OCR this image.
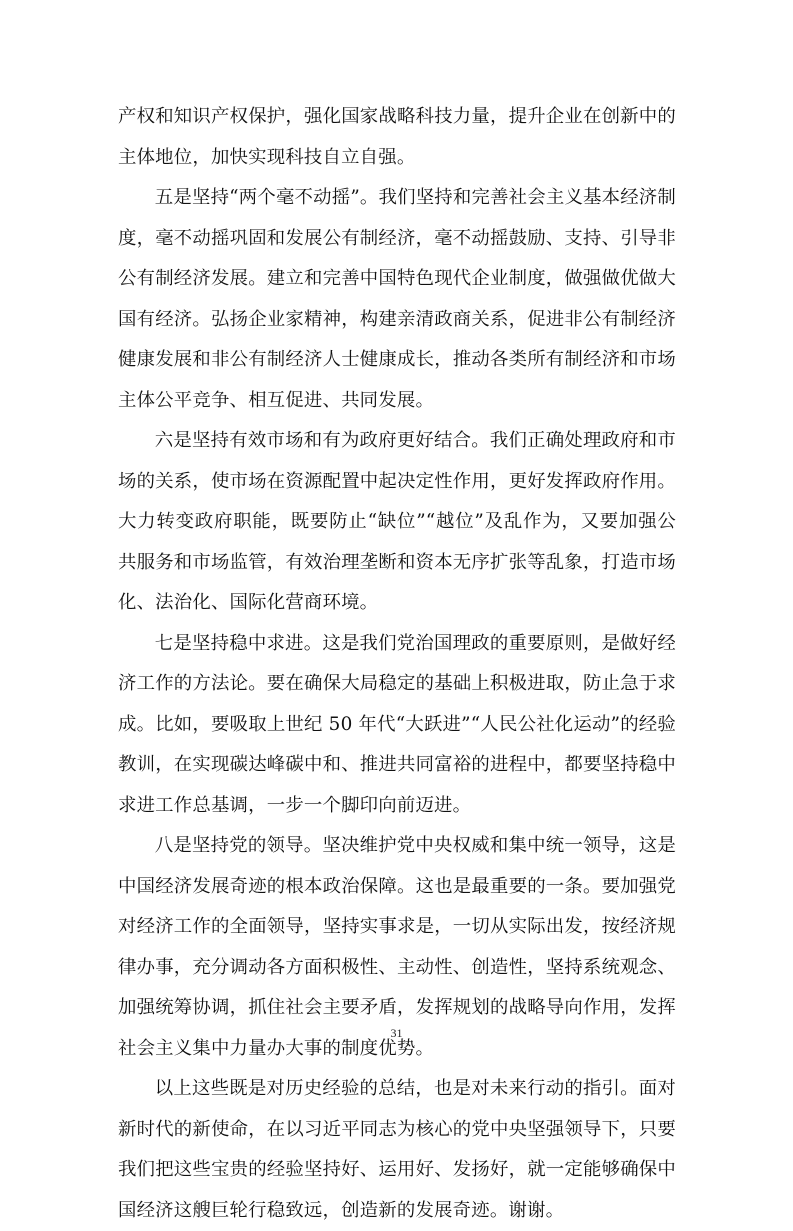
产权和知识产权保护，强化国家战略科技力量，提升企业在创新中的主体地位，加快实现科技自立自强。

五是坚持“两个毫不动摇”。我们坚持和完善社会主义基本经济制度，毫不动摇巩固和发展公有制经济，毫不动摇鼓励、支持、引导非公有制经济发展。建立和完善中国特色现代企业制度，做强做优做大国有经济。弘扬企业家精神，构建亲清政商关系，促进非公有制经济健康发展和非公有制经济人士健康成长，推动各类所有制经济和市场主体公平竞争、相互促进、共同发展。

六是坚持有效市场和有为政府更好结合。我们正确处理政府和市场的关系，使市场在资源配置中起决定性作用，更好发挥政府作用。大力转变政府职能，既要防止“缺位”“越位”及乱作为，又要加强公共服务和市场监管，有效治理垄断和资本无序扩张等乱象，打造市场化、法治化、国际化营商环境。

七是坚持稳中求进。这是我们党治国理政的重要原则，是做好经济工作的方法论。要在确保大局稳定的基础上积极进取，防止急于求成。比如，要吸取上世纪 50 年代“大跃进”“人民公社化运动”的经验教训，在实现碳达峰碳中和、推进共同富裕的进程中，都要坚持稳中求进工作总基调，一步一个脚印向前迈进。

八是坚持党的领导。坚决维护党中央权威和集中统一领导，这是中国经济发展奇迹的根本政治保障。这也是最重要的一条。要加强党对经济工作的全面领导，坚持实事求是，一切从实际出发，按经济规律办事，充分调动各方面积极性、主动性、创造性，坚持系统观念、加强统筹协调，抓住社会主要矛盾，发挥规划的战略导向作用，发挥社会主义集中力量办大事的制度优势。

以上这些既是对历史经验的总结，也是对未来行动的指引。面对新时代的新使命，在以习近平同志为核心的党中央坚强领导下，只要我们把这些宝贵的经验坚持好、运用好、发扬好，就一定能够确保中国经济这艘巨轮行稳致远，创造新的发展奇迹。谢谢。

31
